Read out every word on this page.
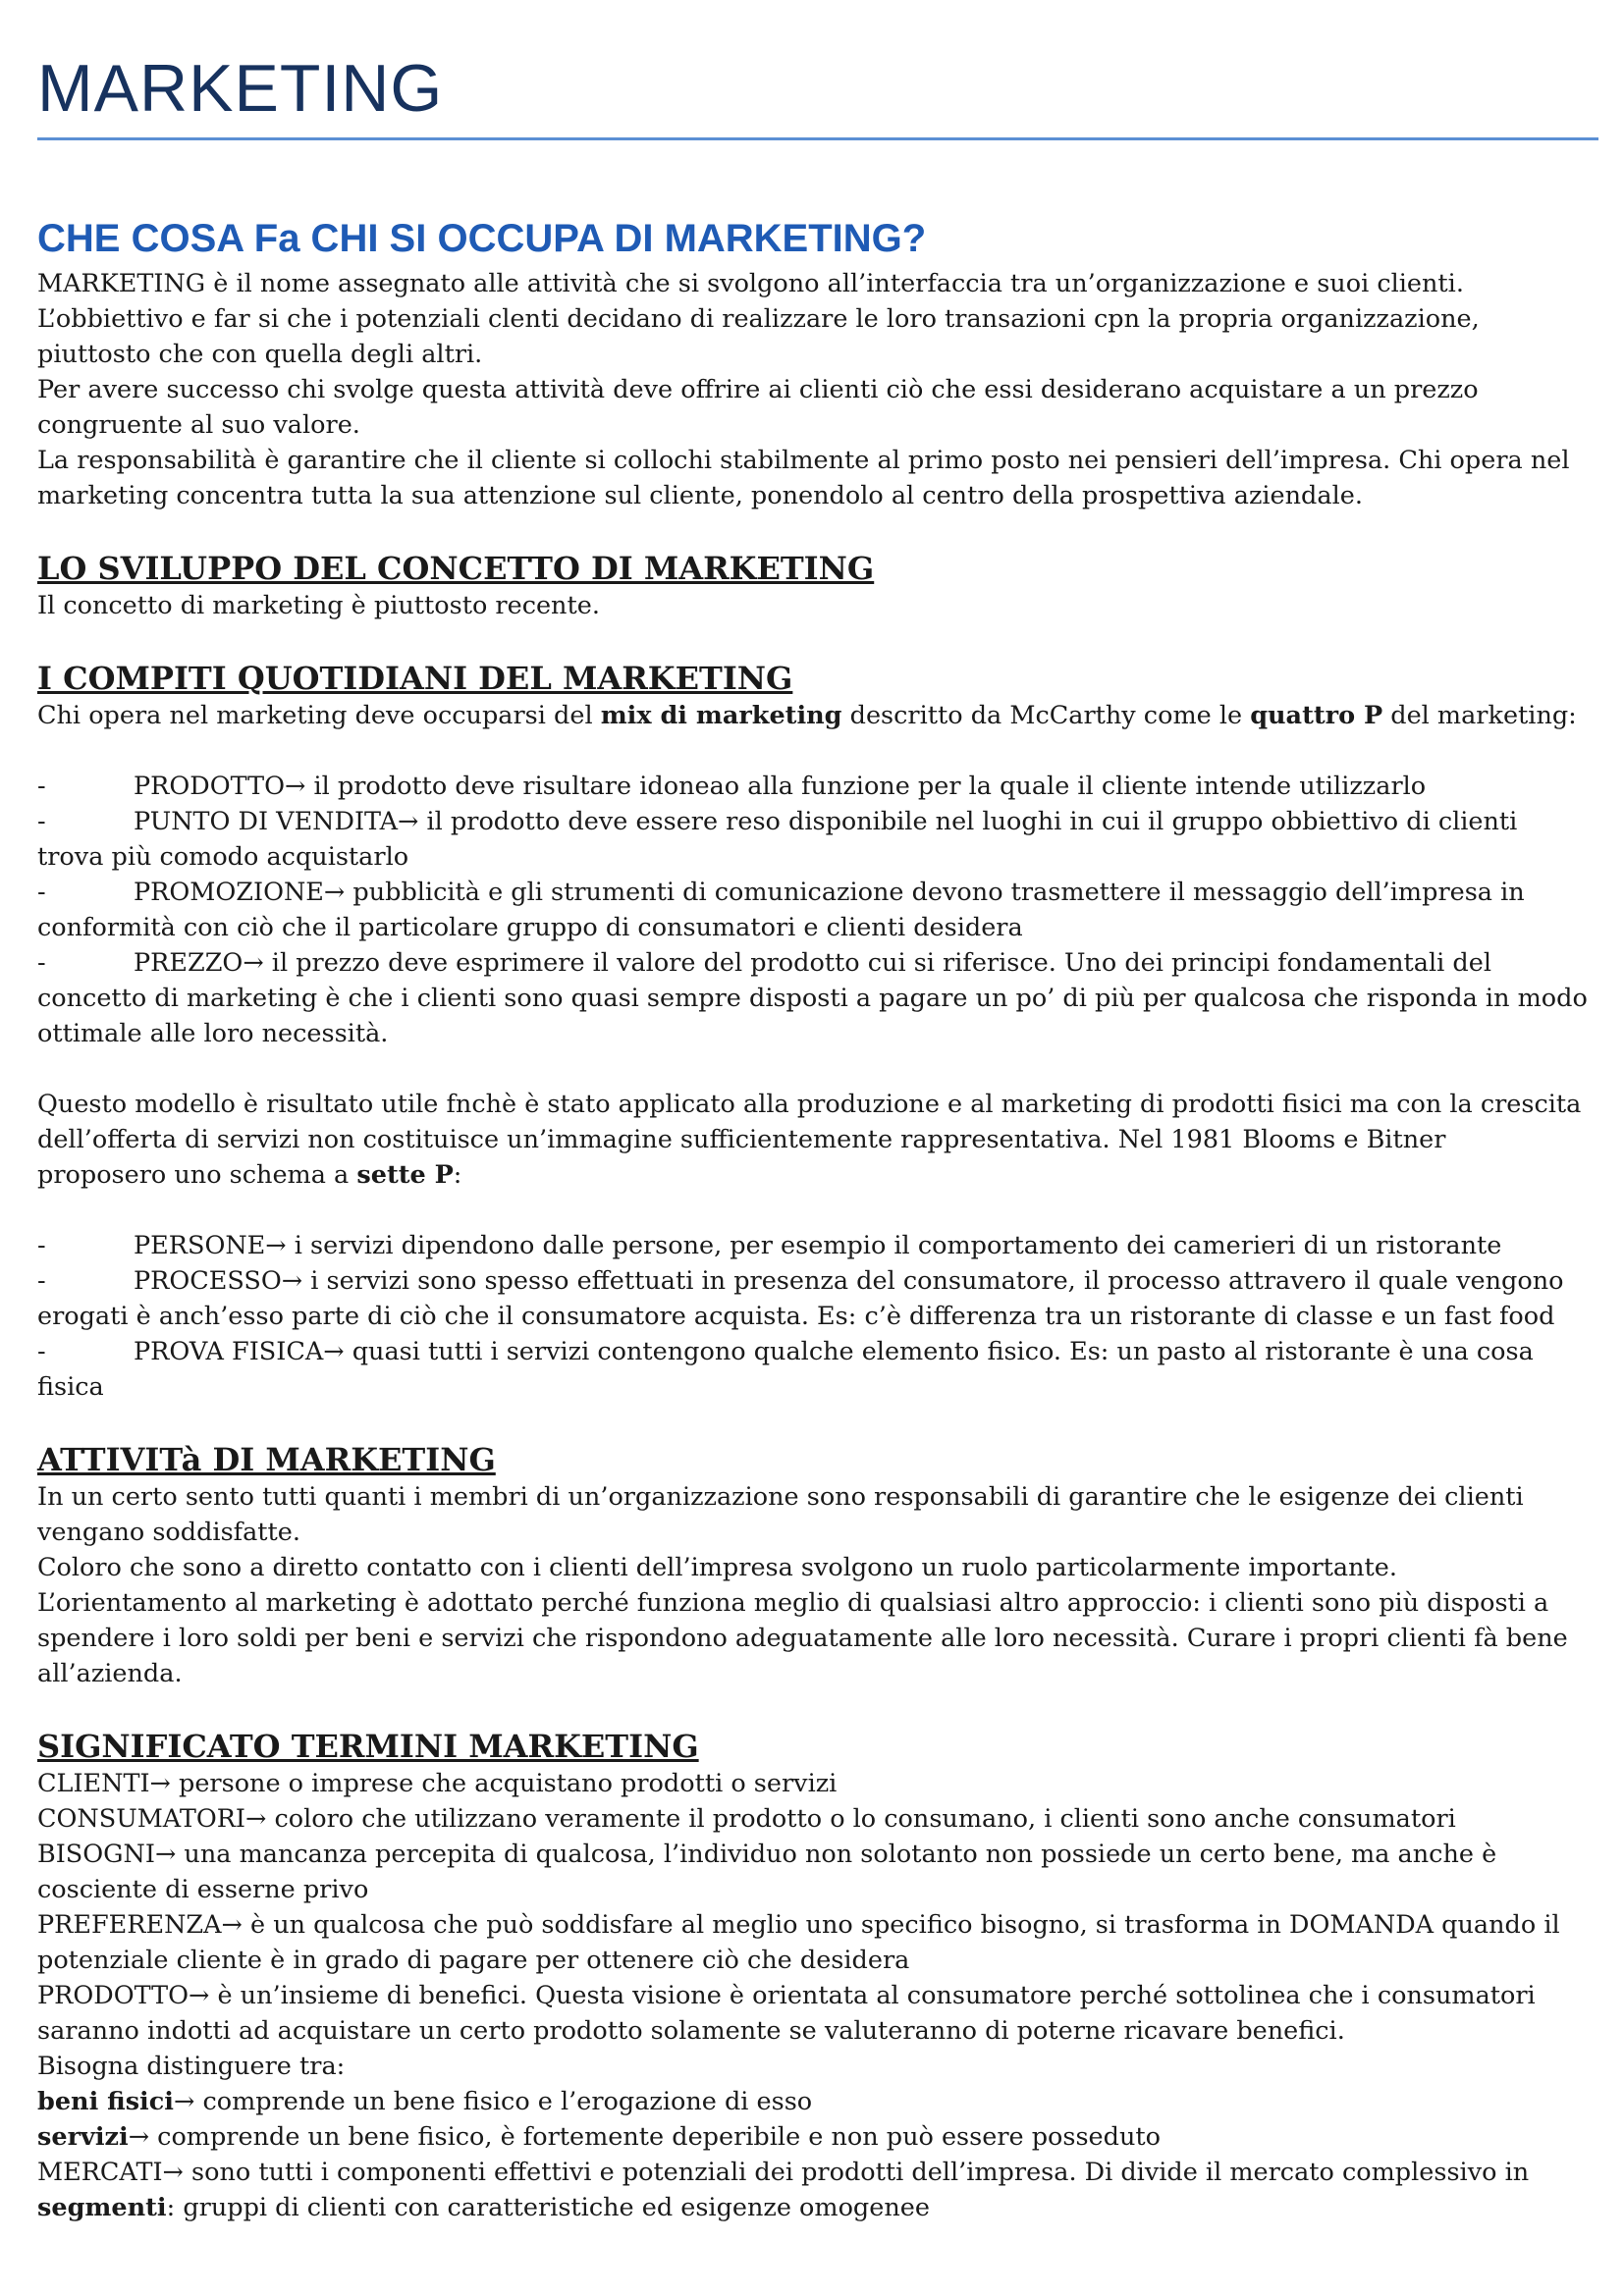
MARKETING
CHE COSA Fa CHI SI OCCUPA DI MARKETING?

MARKETING è il nome assegnato alle attività che si svolgono all’interfaccia tra un’organizzazione e suoi clienti.

L’obbiettivo e far si che i potenziali clenti decidano di realizzare le loro transazioni cpn la propria organizzazione,

piuttosto che con quella degli altri.

Per avere successo chi svolge questa attività deve offrire ai clienti ciò che essi desiderano acquistare a un prezzo

congruente al suo valore.

La responsabilità è garantire che il cliente si collochi stabilmente al primo posto nei pensieri dell’impresa. Chi opera nel

marketing concentra tutta la sua attenzione sul cliente, ponendolo al centro della prospettiva aziendale.

LO SVILUPPO DEL CONCETTO DI MARKETING

Il concetto di marketing è piuttosto recente.

I COMPITI QUOTIDIANI DEL MARKETING

Chi opera nel marketing deve occuparsi del mix di marketing descritto da McCarthy come le quattro P del marketing:

-	PRODOTTO→ il prodotto deve risultare idoneao alla funzione per la quale il cliente intende utilizzarlo

-	PUNTO DI VENDITA→ il prodotto deve essere reso disponibile nel luoghi in cui il gruppo obbiettivo di clienti
trova più comodo acquistarlo

-	PROMOZIONE→ pubblicità e gli strumenti di comunicazione devono trasmettere il messaggio dell’impresa in
conformità con ciò che il particolare gruppo di consumatori e clienti desidera

-	PREZZO→ il prezzo deve esprimere il valore del prodotto cui si riferisce. Uno dei principi fondamentali del
concetto di marketing è che i clienti sono quasi sempre disposti a pagare un po’ di più per qualcosa che risponda in modo
ottimale alle loro necessità.

Questo modello è risultato utile fnchè è stato applicato alla produzione e al marketing di prodotti fisici ma con la crescita

dell’offerta di servizi non costituisce un’immagine sufficientemente rappresentativa. Nel 1981 Blooms e Bitner

proposero uno schema a sette P:

-	PERSONE→ i servizi dipendono dalle persone, per esempio il comportamento dei camerieri di un ristorante

-	PROCESSO→ i servizi sono spesso effettuati in presenza del consumatore, il processo attravero il quale vengono
erogati è anch’esso parte di ciò che il consumatore acquista. Es: c’è differenza tra un ristorante di classe e un fast food

-	PROVA FISICA→ quasi tutti i servizi contengono qualche elemento fisico. Es: un pasto al ristorante è una cosa
fisica

ATTIVITà DI MARKETING

In un certo sento tutti quanti i membri di un’organizzazione sono responsabili di garantire che le esigenze dei clienti

vengano soddisfatte.

Coloro che sono a diretto contatto con i clienti dell’impresa svolgono un ruolo particolarmente importante.

L’orientamento al marketing è adottato perché funziona meglio di qualsiasi altro approccio: i clienti sono più disposti a

spendere i loro soldi per beni e servizi che rispondono adeguatamente alle loro necessità. Curare i propri clienti fà bene

all’azienda.

SIGNIFICATO TERMINI MARKETING

CLIENTI→ persone o imprese che acquistano prodotti o servizi

CONSUMATORI→ coloro che utilizzano veramente il prodotto o lo consumano, i clienti sono anche consumatori

BISOGNI→ una mancanza percepita di qualcosa, l’individuo non solotanto non possiede un certo bene, ma anche è

cosciente di esserne privo

PREFERENZA→ è un qualcosa che può soddisfare al meglio uno specifico bisogno, si trasforma in DOMANDA quando il

potenziale cliente è in grado di pagare per ottenere ciò che desidera

PRODOTTO→ è un’insieme di benefici. Questa visione è orientata al consumatore perché sottolinea che i consumatori

saranno indotti ad acquistare un certo prodotto solamente se valuteranno di poterne ricavare benefici.

Bisogna distinguere tra:

beni fisici→ comprende un bene fisico e l’erogazione di esso

servizi→ comprende un bene fisico, è fortemente deperibile e non può essere posseduto

MERCATI→ sono tutti i componenti effettivi e potenziali dei prodotti dell’impresa. Di divide il mercato complessivo in

segmenti: gruppi di clienti con caratteristiche ed esigenze omogenee
